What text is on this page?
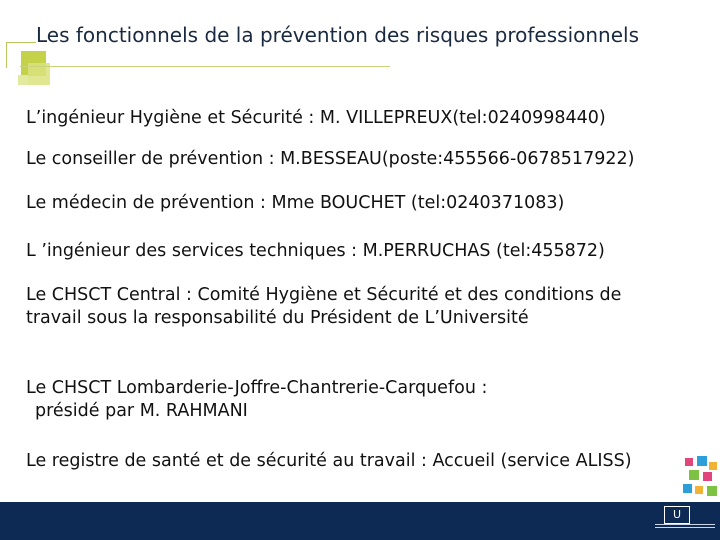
Les fonctionnels de la prévention des risques professionnels
L’ingénieur Hygiène et Sécurité : M. VILLEPREUX(tel:0240998440)
Le conseiller de prévention : M.BESSEAU(poste:455566-0678517922)
Le médecin de prévention : Mme BOUCHET (tel:0240371083)
L ’ingénieur des services techniques : M.PERRUCHAS (tel:455872)
Le CHSCT Central : Comité Hygiène et Sécurité et des conditions de travail sous la responsabilité du Président de L’Université
Le CHSCT Lombarderie-Joffre-Chantrerie-Carquefou :
présidé par M. RAHMANI
Le registre de santé et de sécurité au travail : Accueil (service ALISS)
U
